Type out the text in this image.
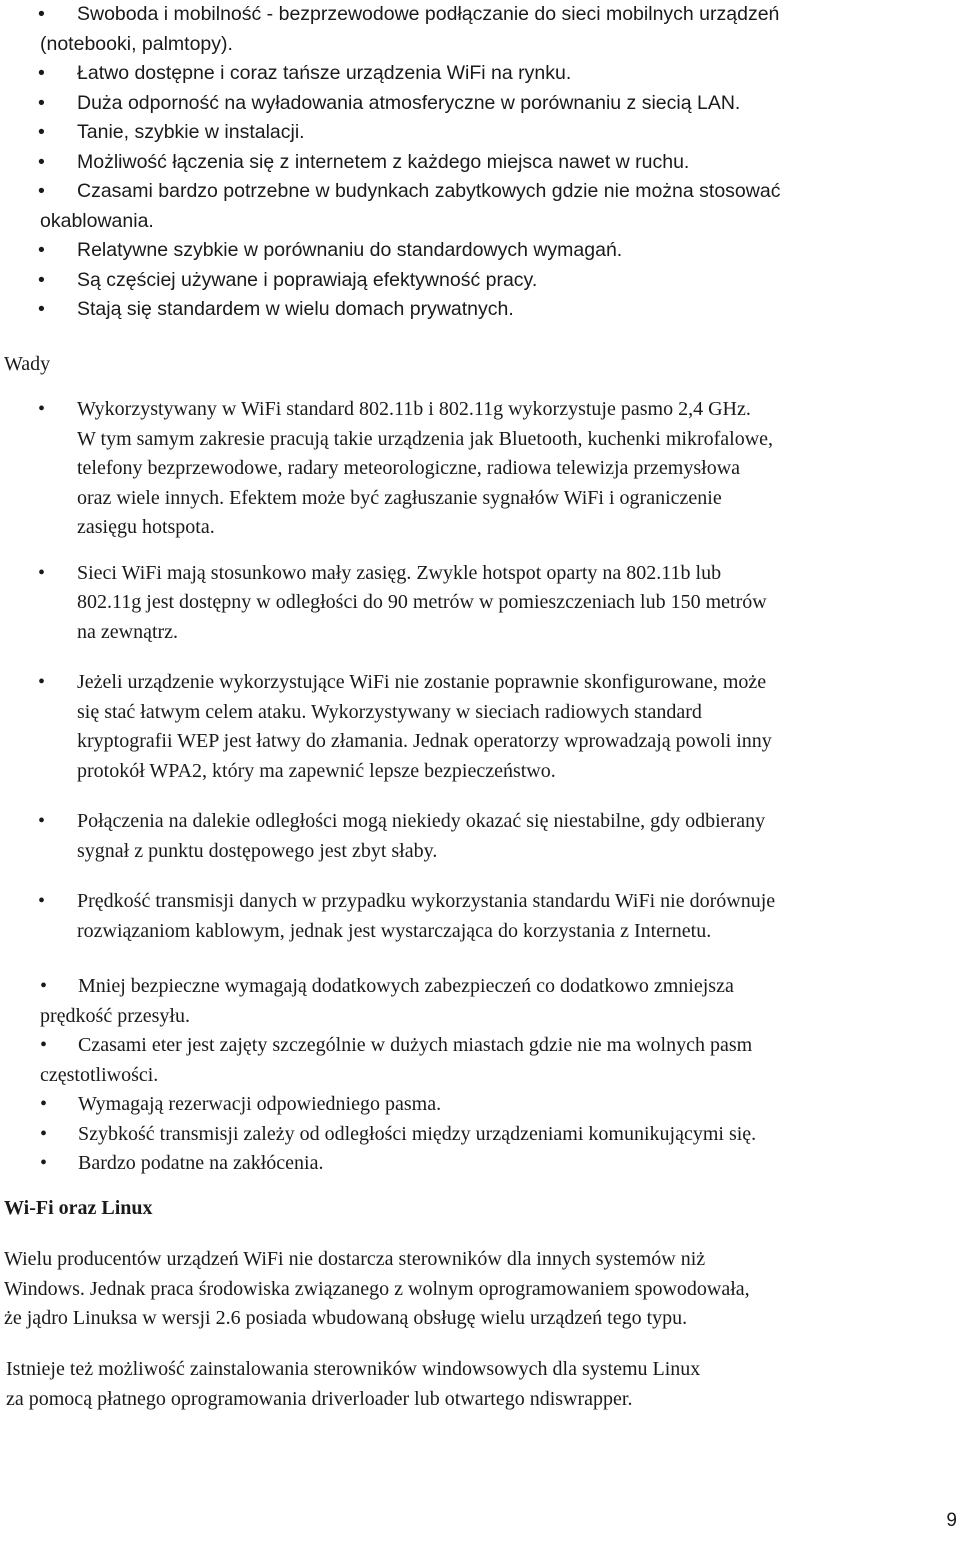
•	Swoboda i mobilność - bezprzewodowe podłączanie do sieci mobilnych urządzeń
(notebooki, palmtopy).
•	Łatwo dostępne i coraz tańsze urządzenia WiFi na rynku.
•	Duża odporność na wyładowania atmosferyczne w porównaniu z siecią LAN.
•	Tanie, szybkie w instalacji.
•	Możliwość łączenia się z internetem z każdego miejsca nawet w ruchu.
•	Czasami bardzo potrzebne w budynkach zabytkowych gdzie nie można stosować
okablowania.
•	Relatywne szybkie w porównaniu do standardowych wymagań.
•	Są częściej używane i poprawiają efektywność pracy.
•	Stają się standardem w wielu domach prywatnych.

Wady

• Wykorzystywany w WiFi standard 802.11b i 802.11g wykorzystuje pasmo 2,4 GHz.
W tym samym zakresie pracują takie urządzenia jak Bluetooth, kuchenki mikrofalowe,
telefony bezprzewodowe, radary meteorologiczne, radiowa telewizja przemysłowa
oraz wiele innych. Efektem może być zagłuszanie sygnałów WiFi i ograniczenie
zasięgu hotspota.
• Sieci WiFi mają stosunkowo mały zasięg. Zwykle hotspot oparty na 802.11b lub
802.11g jest dostępny w odległości do 90 metrów w pomieszczeniach lub 150 metrów
na zewnątrz.
• Jeżeli urządzenie wykorzystujące WiFi nie zostanie poprawnie skonfigurowane, może
się stać łatwym celem ataku. Wykorzystywany w sieciach radiowych standard
kryptografii WEP jest łatwy do złamania. Jednak operatorzy wprowadzają powoli inny
protokół WPA2, który ma zapewnić lepsze bezpieczeństwo.
• Połączenia na dalekie odległości mogą niekiedy okazać się niestabilne, gdy odbierany
sygnał z punktu dostępowego jest zbyt słaby.
• Prędkość transmisji danych w przypadku wykorzystania standardu WiFi nie dorównuje
rozwiązaniom kablowym, jednak jest wystarczająca do korzystania z Internetu.
• Mniej bezpieczne wymagają dodatkowych zabezpieczeń co dodatkowo zmniejsza
prędkość przesyłu.
• Czasami eter jest zajęty szczególnie w dużych miastach gdzie nie ma wolnych pasm
częstotliwości.
• Wymagają rezerwacji odpowiedniego pasma.
• Szybkość transmisji zależy od odległości między urządzeniami komunikującymi się.
• Bardzo podatne na zakłócenia.

Wi-Fi oraz Linux

Wielu producentów urządzeń WiFi nie dostarcza sterowników dla innych systemów niż
Windows. Jednak praca środowiska związanego z wolnym oprogramowaniem spowodowała,
że jądro Linuksa w wersji 2.6 posiada wbudowaną obsługę wielu urządzeń tego typu.
Istnieje też możliwość zainstalowania sterowników windowsowych dla systemu Linux
za pomocą płatnego oprogramowania driverloader lub otwartego ndiswrapper.

9
